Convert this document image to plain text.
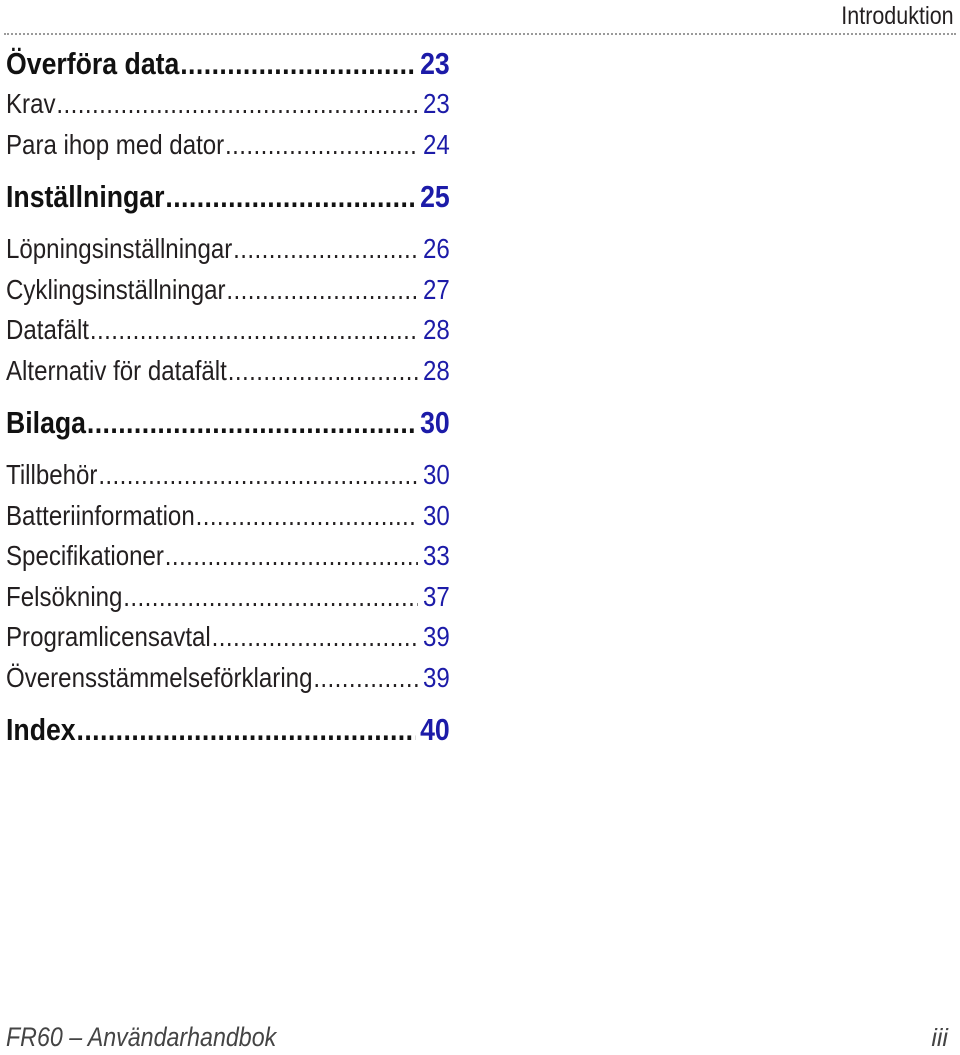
Introduktion
Överföra data .....	23
Krav .....	23
Para ihop med dator .....	24
Inställningar .....	25
Löpningsinställningar .....	26
Cyklingsinställningar .....	27
Datafält .....	28
Alternativ för datafält .....	28
Bilaga .....	30
Tillbehör .....	30
Batteriinformation .....	30
Specifikationer .....	33
Felsökning .....	37
Programlicensavtal .....	39
Överensstämmelseförklaring .....	39
Index .....	40
FR60 – Användarhandbok	iii
